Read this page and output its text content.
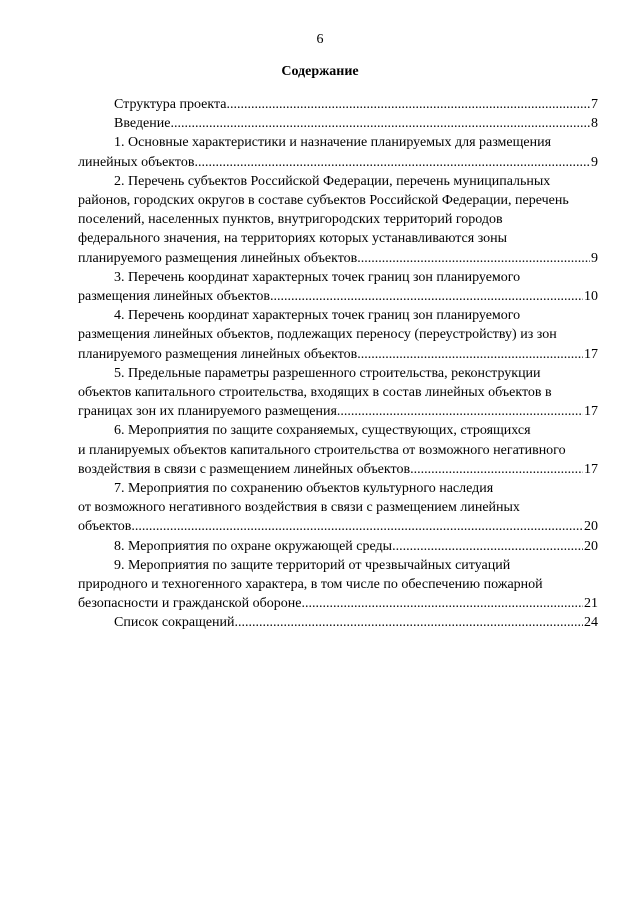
6
Содержание
Структура проекта .....	7
Введение .....	8
1. Основные характеристики и назначение планируемых для размещения
линейных объектов .....	9
2. Перечень субъектов Российской Федерации, перечень муниципальных
районов, городских округов в составе субъектов Российской Федерации, перечень
поселений, населенных пунктов, внутригородских территорий городов
федерального значения, на территориях которых устанавливаются зоны
планируемого размещения линейных объектов .....	9
3. Перечень координат характерных точек границ зон планируемого
размещения линейных объектов .....	10
4. Перечень координат характерных точек границ зон планируемого
размещения линейных объектов, подлежащих переносу (переустройству) из зон
планируемого размещения линейных объектов .....	17
5. Предельные параметры разрешенного строительства, реконструкции
объектов капитального строительства, входящих в состав линейных объектов в
границах зон их планируемого размещения .....	17
6. Мероприятия по защите сохраняемых, существующих, строящихся
и планируемых объектов капитального строительства от возможного негативного
воздействия в связи с размещением линейных объектов .....	17
7. Мероприятия по сохранению объектов культурного наследия
от возможного негативного воздействия в связи с размещением линейных
объектов .....	20
8. Мероприятия по охране окружающей среды .....	20
9. Мероприятия по защите территорий от чрезвычайных ситуаций
природного и техногенного характера, в том числе по обеспечению пожарной
безопасности и гражданской обороне .....	21
Список сокращений .....	24
